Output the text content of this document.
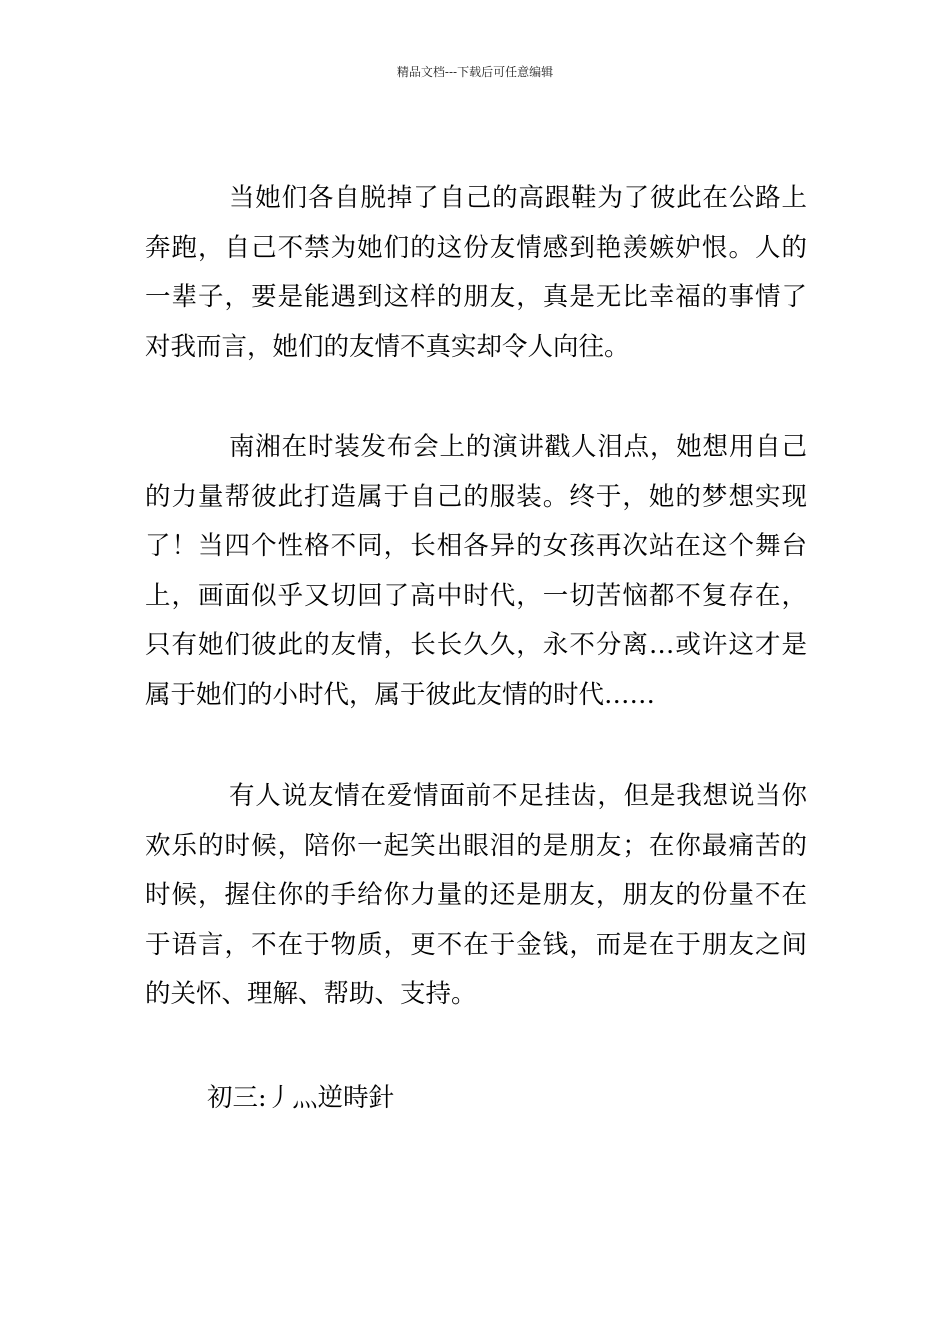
精品文档---下载后可任意编辑

当她们各自脱掉了自己的高跟鞋为了彼此在公路上奔跑，自己不禁为她们的这份友情感到艳羡嫉妒恨。人的一辈子，要是能遇到这样的朋友，真是无比幸福的事情了对我而言，她们的友情不真实却令人向往。

南湘在时装发布会上的演讲戳人泪点，她想用自己的力量帮彼此打造属于自己的服装。终于，她的梦想实现了！当四个性格不同，长相各异的女孩再次站在这个舞台上，画面似乎又切回了高中时代，一切苦恼都不复存在，只有她们彼此的友情，长长久久，永不分离…或许这才是属于她们的小时代，属于彼此友情的时代……

有人说友情在爱情面前不足挂齿，但是我想说当你欢乐的时候，陪你一起笑出眼泪的是朋友；在你最痛苦的时候，握住你的手给你力量的还是朋友，朋友的份量不在于语言，不在于物质，更不在于金钱，而是在于朋友之间的关怀、理解、帮助、支持。

初三:丿灬逆時針
